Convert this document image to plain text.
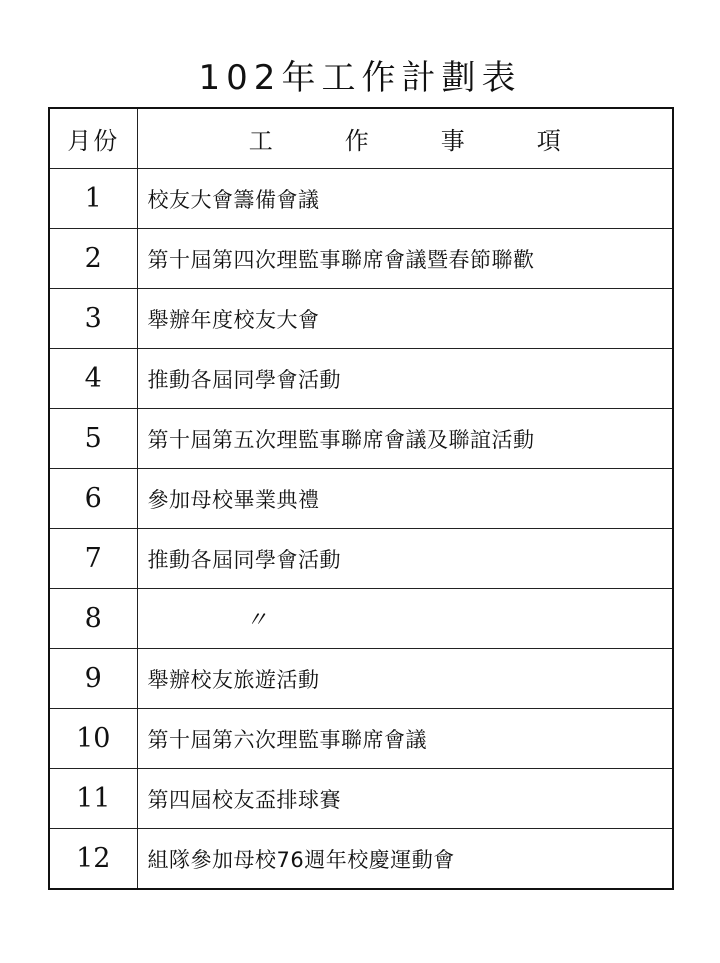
102年工作計劃表
月份	工 作 事 項
1	校友大會籌備會議
2	第十屆第四次理監事聯席會議暨春節聯歡
3	舉辦年度校友大會
4	推動各屆同學會活動
5	第十屆第五次理監事聯席會議及聯誼活動
6	參加母校畢業典禮
7	推動各屆同學會活動
8	〃
9	舉辦校友旅遊活動
10	第十屆第六次理監事聯席會議
11	第四屆校友盃排球賽
12	組隊參加母校76週年校慶運動會
